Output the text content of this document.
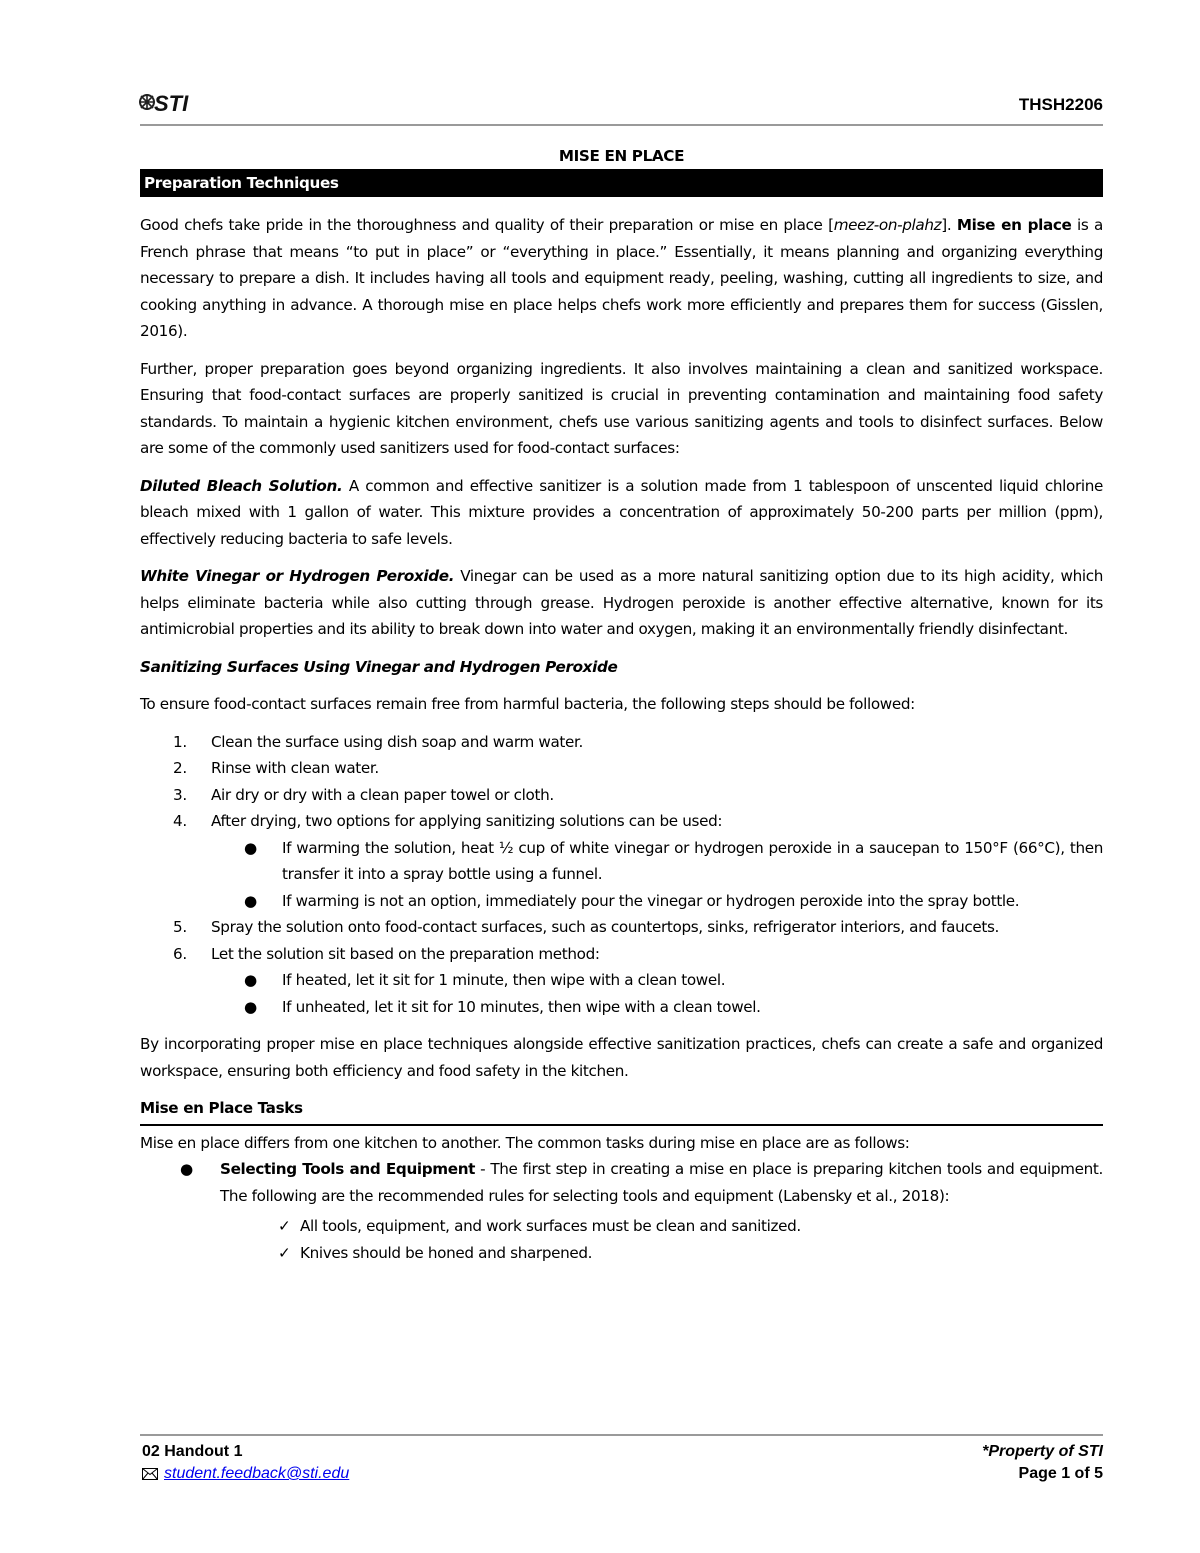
STI	THSH2206
MISE EN PLACE
Preparation Techniques

Good chefs take pride in the thoroughness and quality of their preparation or mise en place [meez-on-plahz]. Mise en place is a French phrase that means “to put in place” or “everything in place.” Essentially, it means planning and organizing everything necessary to prepare a dish. It includes having all tools and equipment ready, peeling, washing, cutting all ingredients to size, and cooking anything in advance. A thorough mise en place helps chefs work more efficiently and prepares them for success (Gisslen, 2016).

Further, proper preparation goes beyond organizing ingredients. It also involves maintaining a clean and sanitized workspace. Ensuring that food-contact surfaces are properly sanitized is crucial in preventing contamination and maintaining food safety standards. To maintain a hygienic kitchen environment, chefs use various sanitizing agents and tools to disinfect surfaces. Below are some of the commonly used sanitizers used for food-contact surfaces:

Diluted Bleach Solution. A common and effective sanitizer is a solution made from 1 tablespoon of unscented liquid chlorine bleach mixed with 1 gallon of water. This mixture provides a concentration of approximately 50-200 parts per million (ppm), effectively reducing bacteria to safe levels.

White Vinegar or Hydrogen Peroxide. Vinegar can be used as a more natural sanitizing option due to its high acidity, which helps eliminate bacteria while also cutting through grease. Hydrogen peroxide is another effective alternative, known for its antimicrobial properties and its ability to break down into water and oxygen, making it an environmentally friendly disinfectant.

Sanitizing Surfaces Using Vinegar and Hydrogen Peroxide

To ensure food-contact surfaces remain free from harmful bacteria, the following steps should be followed:

1. Clean the surface using dish soap and warm water.
2. Rinse with clean water.
3. Air dry or dry with a clean paper towel or cloth.
4. After drying, two options for applying sanitizing solutions can be used:
● If warming the solution, heat ½ cup of white vinegar or hydrogen peroxide in a saucepan to 150°F (66°C), then transfer it into a spray bottle using a funnel.
● If warming is not an option, immediately pour the vinegar or hydrogen peroxide into the spray bottle.
5. Spray the solution onto food-contact surfaces, such as countertops, sinks, refrigerator interiors, and faucets.
6. Let the solution sit based on the preparation method:
● If heated, let it sit for 1 minute, then wipe with a clean towel.
● If unheated, let it sit for 10 minutes, then wipe with a clean towel.

By incorporating proper mise en place techniques alongside effective sanitization practices, chefs can create a safe and organized workspace, ensuring both efficiency and food safety in the kitchen.

Mise en Place Tasks
Mise en place differs from one kitchen to another. The common tasks during mise en place are as follows:
● Selecting Tools and Equipment - The first step in creating a mise en place is preparing kitchen tools and equipment. The following are the recommended rules for selecting tools and equipment (Labensky et al., 2018):
✓ All tools, equipment, and work surfaces must be clean and sanitized.
✓ Knives should be honed and sharpened.
02 Handout 1
student.feedback@sti.edu
*Property of STI
Page 1 of 5
